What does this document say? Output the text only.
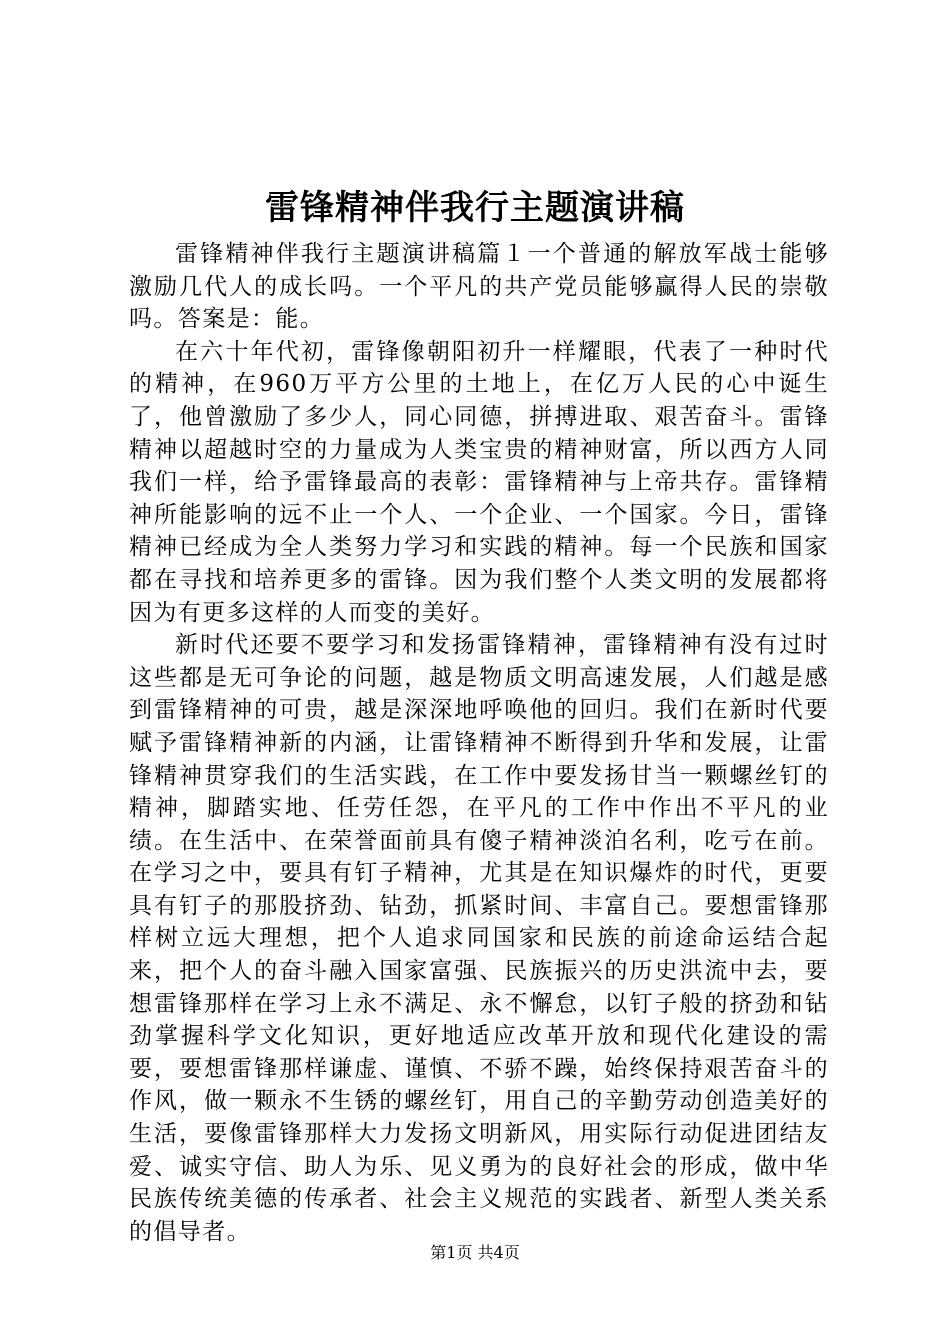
雷锋精神伴我行主题演讲稿

雷锋精神伴我行主题演讲稿篇１一个普通的解放军战士能够激励几代人的成长吗。一个平凡的共产党员能够赢得人民的崇敬吗。答案是：能。

在六十年代初，雷锋像朝阳初升一样耀眼，代表了一种时代的精神，在960万平方公里的土地上，在亿万人民的心中诞生了，他曾激励了多少人，同心同德，拼搏进取、艰苦奋斗。雷锋精神以超越时空的力量成为人类宝贵的精神财富，所以西方人同我们一样，给予雷锋最高的表彰：雷锋精神与上帝共存。雷锋精神所能影响的远不止一个人、一个企业、一个国家。今日，雷锋精神已经成为全人类努力学习和实践的精神。每一个民族和国家都在寻找和培养更多的雷锋。因为我们整个人类文明的发展都将因为有更多这样的人而变的美好。

新时代还要不要学习和发扬雷锋精神，雷锋精神有没有过时这些都是无可争论的问题，越是物质文明高速发展，人们越是感到雷锋精神的可贵，越是深深地呼唤他的回归。我们在新时代要赋予雷锋精神新的内涵，让雷锋精神不断得到升华和发展，让雷锋精神贯穿我们的生活实践，在工作中要发扬甘当一颗螺丝钉的精神，脚踏实地、任劳任怨，在平凡的工作中作出不平凡的业绩。在生活中、在荣誉面前具有傻子精神淡泊名利，吃亏在前。在学习之中，要具有钉子精神，尤其是在知识爆炸的时代，更要具有钉子的那股挤劲、钻劲，抓紧时间、丰富自己。要想雷锋那样树立远大理想，把个人追求同国家和民族的前途命运结合起来，把个人的奋斗融入国家富强、民族振兴的历史洪流中去，要想雷锋那样在学习上永不满足、永不懈怠，以钉子般的挤劲和钻劲掌握科学文化知识，更好地适应改革开放和现代化建设的需要，要想雷锋那样谦虚、谨慎、不骄不躁，始终保持艰苦奋斗的作风，做一颗永不生锈的螺丝钉，用自己的辛勤劳动创造美好的生活，要像雷锋那样大力发扬文明新风，用实际行动促进团结友爱、诚实守信、助人为乐、见义勇为的良好社会的形成，做中华民族传统美德的传承者、社会主义规范的实践者、新型人类关系的倡导者。

第1页 共4页
